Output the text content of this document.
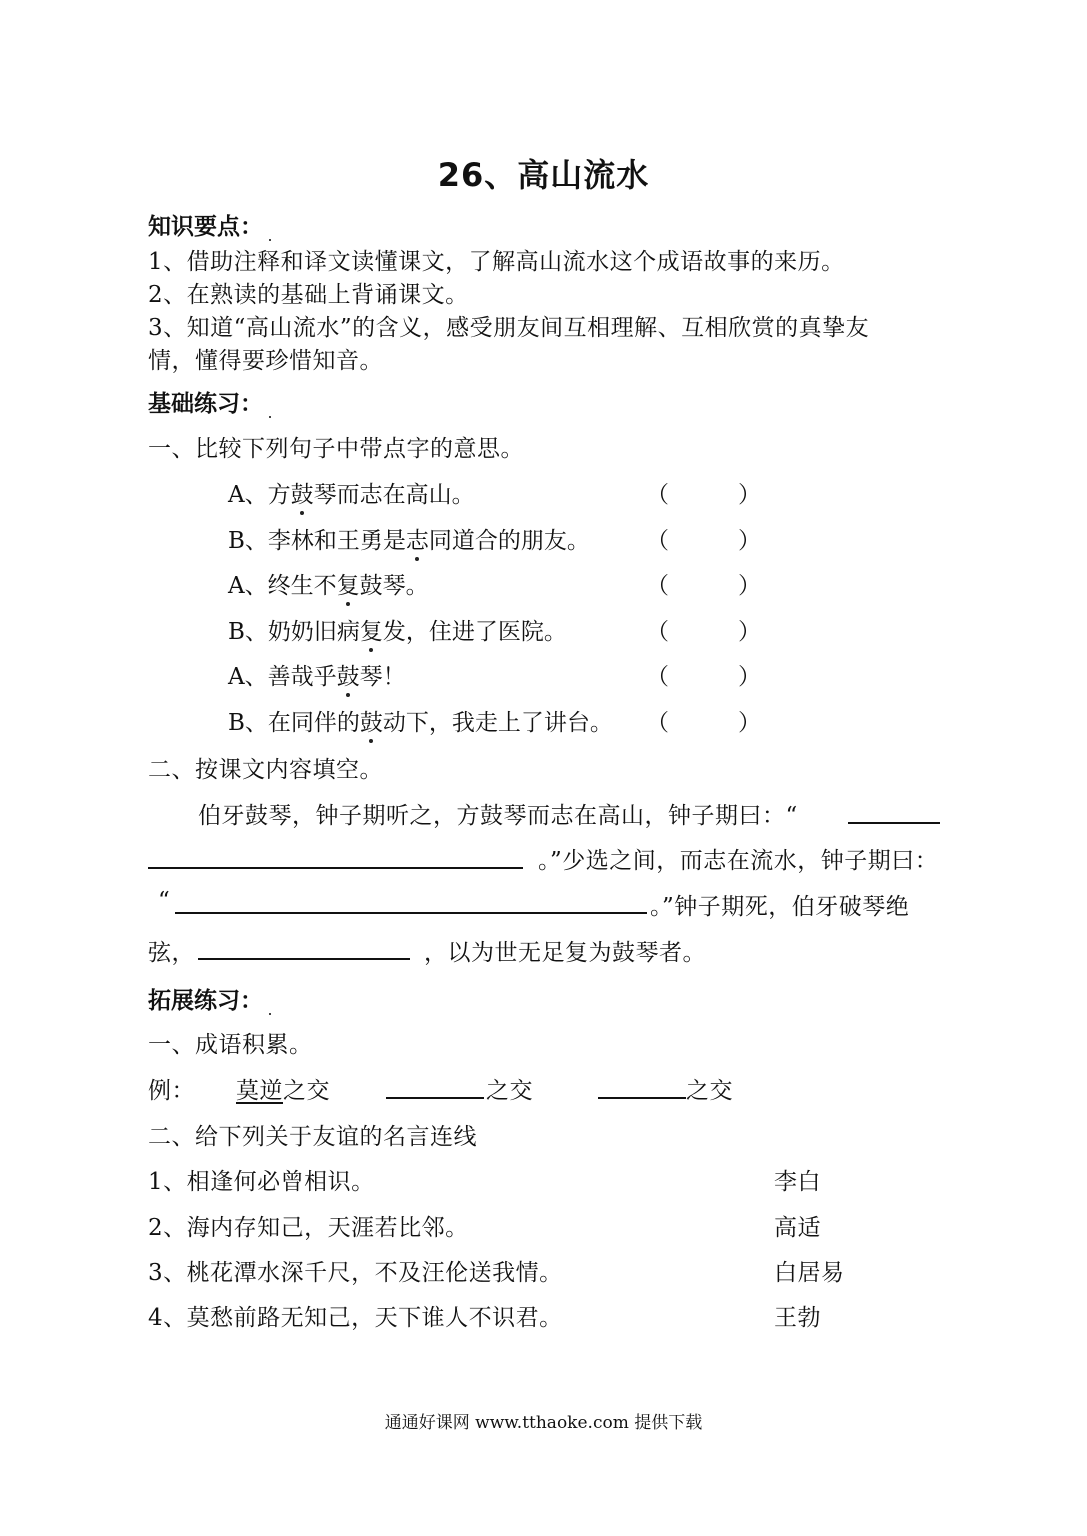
26、高山流水
知识要点：
1、借助注释和译文读懂课文，了解高山流水这个成语故事的来历。
2、在熟读的基础上背诵课文。
3、知道“高山流水”的含义，感受朋友间互相理解、互相欣赏的真挚友
情，懂得要珍惜知音。
基础练习：
一、比较下列句子中带点字的意思。
A、方鼓琴而志在高山。	（　　　）
B、李林和王勇是志同道合的朋友。 （　　　）
A、终生不复鼓琴。	（　　　）
B、奶奶旧病复发，住进了医院。	（　　　）
A、善哉乎鼓琴！	（　　　）
B、在同伴的鼓动下，我走上了讲台。 （　　　）
二、按课文内容填空。
伯牙鼓琴，钟子期听之，方鼓琴而志在高山，钟子期曰：“
。”少选之间，而志在流水，钟子期曰：
“	。”钟子期死，伯牙破琴绝
弦，	，以为世无足复为鼓琴者。
拓展练习：
一、成语积累。
例： 莫逆之交	之交	之交
二、给下列关于友谊的名言连线
1、相逢何必曾相识。	李白
2、海内存知己，天涯若比邻。	高适
3、桃花潭水深千尺，不及汪伦送我情。	白居易
4、莫愁前路无知己，天下谁人不识君。	王勃
通通好课网 www.tthaoke.com 提供下载
